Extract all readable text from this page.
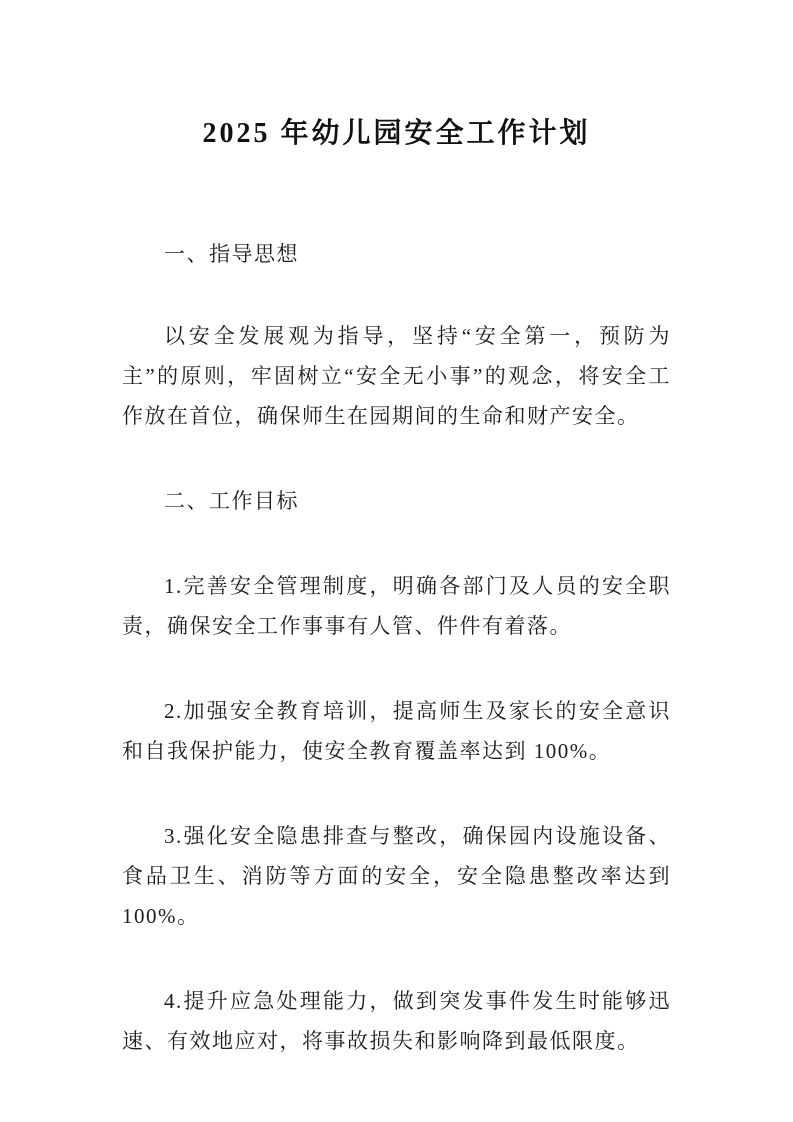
2025 年幼儿园安全工作计划
一、指导思想

以安全发展观为指导，坚持“安全第一，预防为主”的原则，牢固树立“安全无小事”的观念，将安全工作放在首位，确保师生在园期间的生命和财产安全。

二、工作目标

1.完善安全管理制度，明确各部门及人员的安全职责，确保安全工作事事有人管、件件有着落。

2.加强安全教育培训，提高师生及家长的安全意识和自我保护能力，使安全教育覆盖率达到 100%。

3.强化安全隐患排查与整改，确保园内设施设备、食品卫生、消防等方面的安全，安全隐患整改率达到 100%。

4.提升应急处理能力，做到突发事件发生时能够迅速、有效地应对，将事故损失和影响降到最低限度。
